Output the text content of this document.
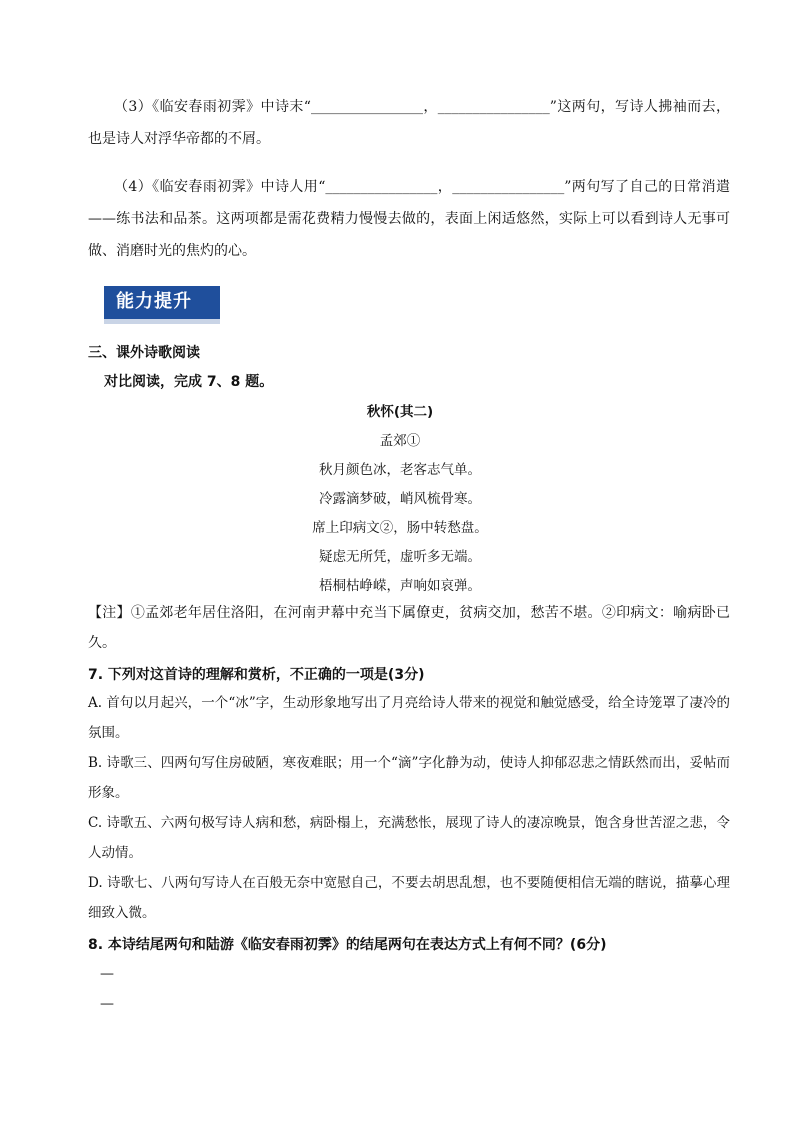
（3）《临安春雨初霁》中诗末“________________，________________”这两句，写诗人拂袖而去，也是诗人对浮华帝都的不屑。

（4）《临安春雨初霁》中诗人用“________________，________________”两句写了自己的日常消遣——练书法和品茶。这两项都是需花费精力慢慢去做的，表面上闲适悠然，实际上可以看到诗人无事可做、消磨时光的焦灼的心。

能力提升

三、课外诗歌阅读

对比阅读，完成 7、8 题。

秋怀(其二)

孟郊①

秋月颜色冰，老客志气单。

冷露滴梦破，峭风梳骨寒。

席上印病文②，肠中转愁盘。

疑虑无所凭，虚听多无端。

梧桐枯峥嵘，声响如哀弹。

【注】①孟郊老年居住洛阳，在河南尹幕中充当下属僚吏，贫病交加，愁苦不堪。②印病文：喻病卧已久。

7. 下列对这首诗的理解和赏析，不正确的一项是(3分)

A. 首句以月起兴，一个“冰”字，生动形象地写出了月亮给诗人带来的视觉和触觉感受，给全诗笼罩了凄冷的氛围。

B. 诗歌三、四两句写住房破陋，寒夜难眠；用一个“滴”字化静为动，使诗人抑郁忍悲之情跃然而出，妥帖而形象。

C. 诗歌五、六两句极写诗人病和愁，病卧榻上，充满愁怅，展现了诗人的凄凉晚景，饱含身世苦涩之悲，令人动情。

D. 诗歌七、八两句写诗人在百般无奈中宽慰自己，不要去胡思乱想，也不要随便相信无端的瞎说，描摹心理细致入微。

8. 本诗结尾两句和陆游《临安春雨初霁》的结尾两句在表达方式上有何不同？(6分)

—

—
